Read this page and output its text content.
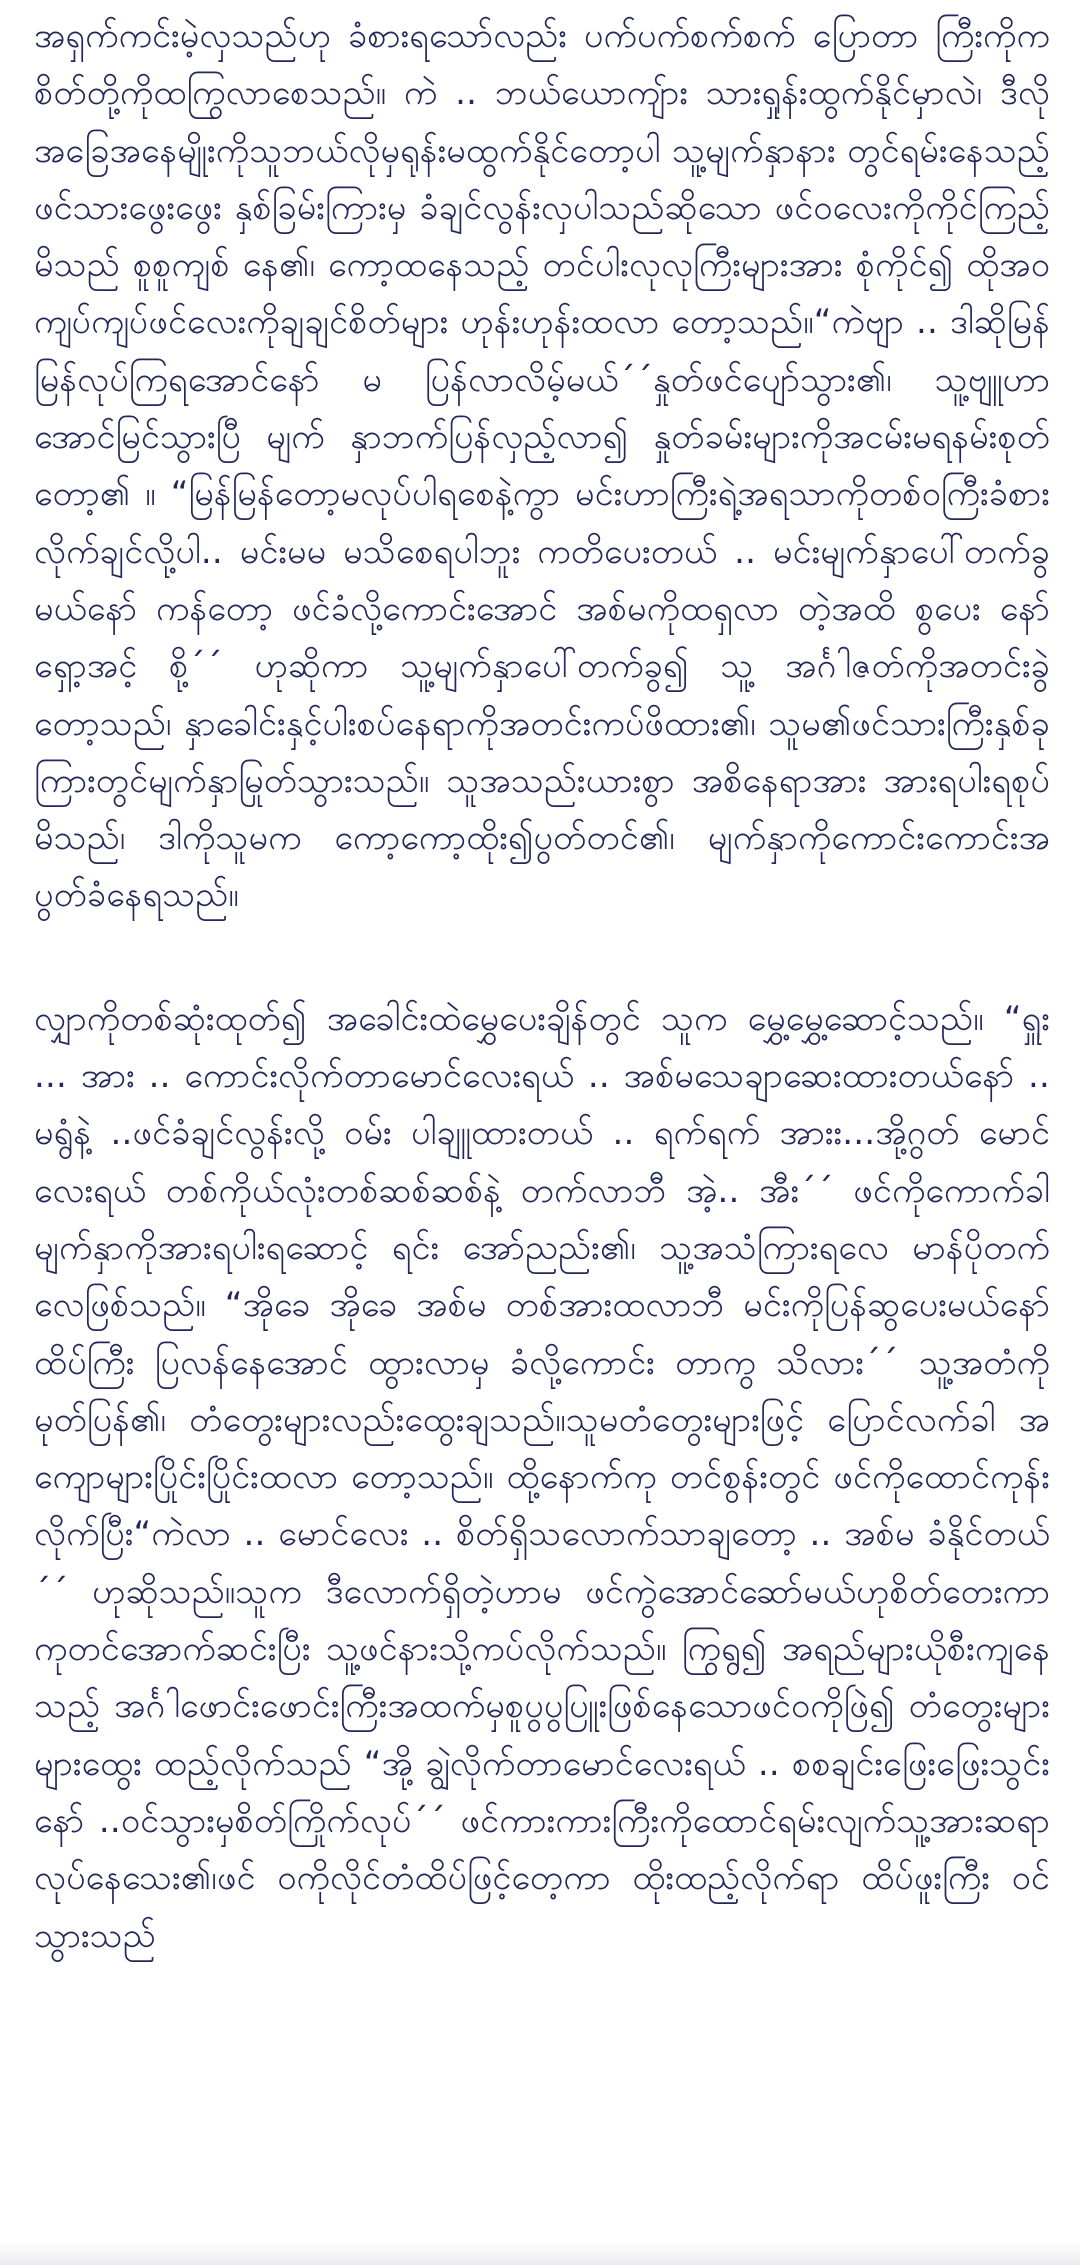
အရှက်ကင်းမဲ့လှသည်ဟု ခံစားရသော်လည်း ပက်ပက်စက်စက် ပြောတာ ကြီးကိုက စိတ်တို့ကိုထကြွလာစေသည်။ ကဲ .. ဘယ်ယောကျ်ား သားရှုန်းထွက်နိုင်မှာလဲ၊ ဒီလိုအခြေအနေမျိုးကိုသူဘယ်လိုမှရုန်းမထွက်နိုင်တော့ပါ သူ့မျက်နှာနား တွင်ရမ်းနေသည့် ဖင်သားဖွေးဖွေး နှစ်ခြမ်းကြားမှ ခံချင်လွန်းလှပါသည်ဆိုသော ဖင်ဝလေးကိုကိုင်ကြည့်မိသည် စူစူကျစ် နေ၏၊ ကော့ထနေသည့် တင်ပါးလုလုကြီးများအား စုံကိုင်၍ ထိုအဝကျပ်ကျပ်ဖင်လေးကိုချချင်စိတ်များ ဟုန်းဟုန်းထလာ တော့သည်။“ကဲဗျာ .. ဒါဆိုမြန်မြန်လုပ်ကြရအောင်နော် မ ပြန်လာလိမ့်မယ်´´နှုတ်ဖင်ပျော်သွား၏၊ သူ့ဗျူဟာအောင်မြင်သွားပြီ မျက် နှာဘက်ပြန်လှည့်လာ၍ နှုတ်ခမ်းများကိုအငမ်းမရနမ်းစုတ်တော့၏ ။ “မြန်မြန်တော့မလုပ်ပါရစေနဲ့ကွာ မင်းဟာကြီးရဲ့အရသာကိုတစ်ဝကြီးခံစားလိုက်ချင်လို့ပါ.. မင်းမမ မသိစေရပါဘူး ကတိပေးတယ် .. မင်းမျက်နှာပေါ်တက်ခွမယ်နော် ကန်တော့ ဖင်ခံလို့ကောင်းအောင် အစ်မကိုထရှလာ တဲ့အထိ စွပေး နော် ရှော့အင့် စို့´´ ဟုဆိုကာ သူ့မျက်နှာပေါ်တက်ခွ၍ သူ့ အင်္ဂါဇတ်ကိုအတင်းခွဲတော့သည်၊ နှာခေါင်းနှင့်ပါးစပ်နေရာကိုအတင်းကပ်ဖိထား၏၊ သူမ၏ဖင်သားကြီးနှစ်ခုကြားတွင်မျက်နှာမြုတ်သွားသည်။ သူအသည်းယားစွာ အစိနေရာအား အားရပါးရစုပ်မိသည်၊ ဒါကိုသူမက ကော့ကော့ထိုး၍ပွတ်တင်၏၊ မျက်နှာကိုကောင်းကောင်းအ ပွတ်ခံနေရသည်။

လျှာကိုတစ်ဆုံးထုတ်၍ အခေါင်းထဲမွှေပေးချိန်တွင် သူက မွှေ့မွှေ့ဆောင့်သည်။ “ရှူး ... အား .. ကောင်းလိုက်တာမောင်လေးရယ် .. အစ်မသေချာဆေးထားတယ်နော် .. မရွံနဲ့ ..ဖင်ခံချင်လွန်းလို့ ဝမ်း ပါချူထားတယ် .. ရက်ရက် အားး...အို့ဂွတ် မောင်လေးရယ် တစ်ကိုယ်လုံးတစ်ဆစ်ဆစ်နဲ့ တက်လာဘီ အဲ့.. အီး´´ ဖင်ကိုကောက်ခါ မျက်နှာကိုအားရပါးရဆောင့် ရင်း အော်ညည်း၏၊ သူ့အသံကြားရလေ မာန်ပိုတက်လေဖြစ်သည်။ “အိုခေ အိုခေ အစ်မ တစ်အားထလာဘီ မင်းကိုပြန်ဆွပေးမယ်နော် ထိပ်ကြီး ပြလန်နေအောင် ထွားလာမှ ခံလို့ကောင်း တာကွ သိလား´´ သူ့အတံကို မုတ်ပြန်၏၊ တံတွေးများလည်းထွေးချသည်။သူမတံတွေးများဖြင့် ပြောင်လက်ခါ အကျောများပြိုင်းပြိုင်းထလာ တော့သည်။ ထို့နောက်ကု တင်စွန်းတွင် ဖင်ကိုထောင်ကုန်းလိုက်ပြီး“ကဲလာ .. မောင်လေး .. စိတ်ရှိသလောက်သာချတော့ .. အစ်မ ခံနိုင်တယ် ´´ ဟုဆိုသည်။သူက ဒီလောက်ရှိတဲ့ဟာမ ဖင်ကွဲအောင်ဆော်မယ်ဟုစိတ်တေးကာ ကုတင်အောက်ဆင်းပြီး သူ့ဖင်နားသို့ကပ်လိုက်သည်။ ကြွရွ၍ အရည်များယိုစီးကျနေသည့် အင်္ဂါဖောင်းဖောင်းကြီးအထက်မှစူပွပွပြူးဖြစ်နေသောဖင်ဝကိုဖြဲ၍ တံတွေးများများထွေး ထည့်လိုက်သည် “အို့ ချွဲလိုက်တာမောင်လေးရယ် .. စစချင်းဖြေးဖြေးသွင်းနော် ..ဝင်သွားမှစိတ်ကြိုက်လုပ်´´ ဖင်ကားကားကြီးကိုထောင်ရမ်းလျက်သူ့အားဆရာလုပ်နေသေး၏၊ဖင် ဝကိုလိုင်တံထိပ်ဖြင့်တေ့ကာ ထိုးထည့်လိုက်ရာ ထိပ်ဖူးကြီး ဝင်သွားသည်
